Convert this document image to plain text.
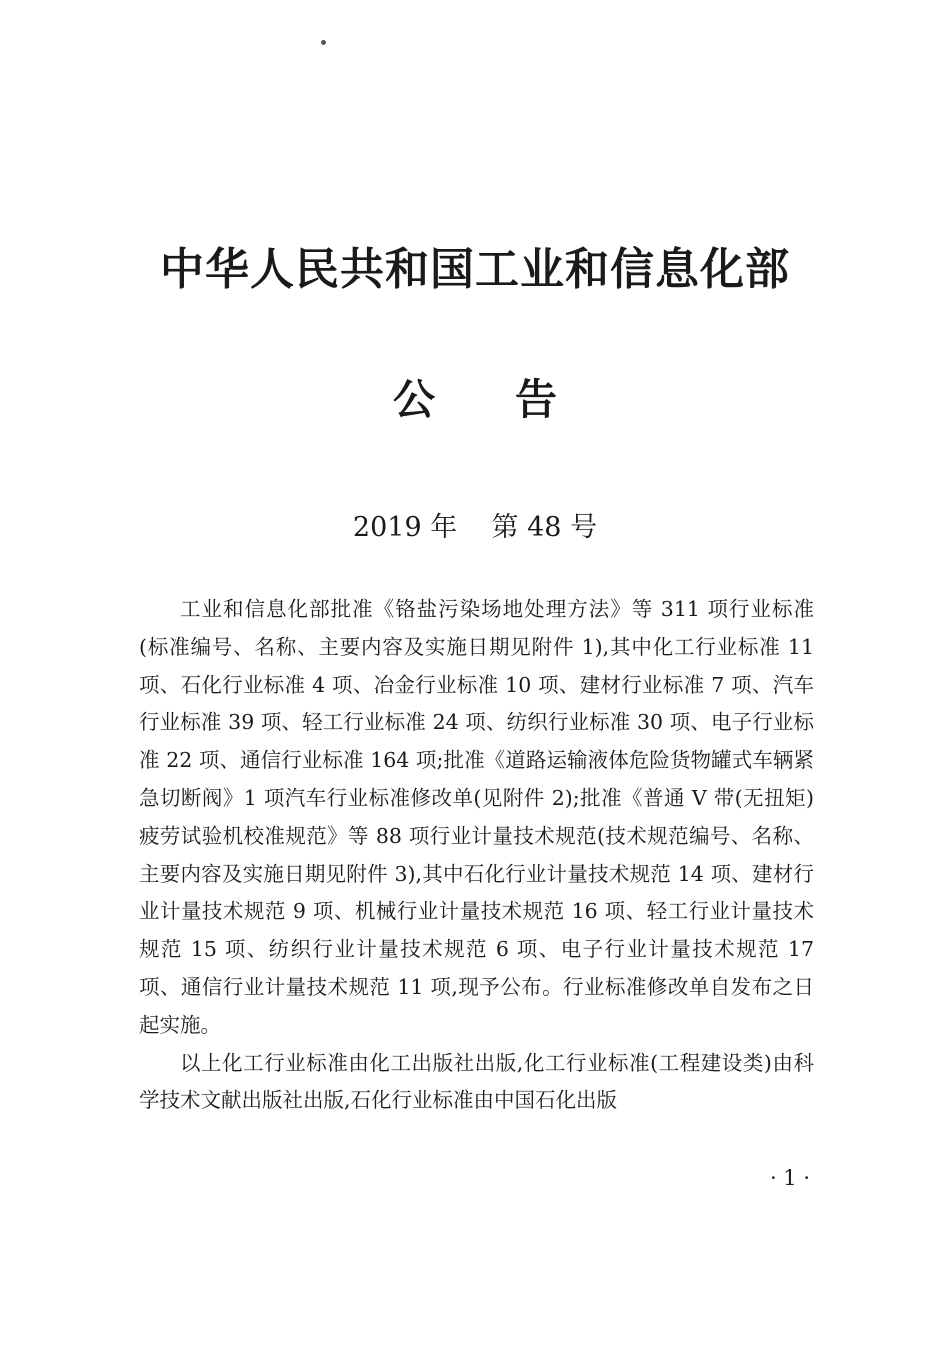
中华人民共和国工业和信息化部
公告
2019 年    第 48 号

工业和信息化部批准《铬盐污染场地处理方法》等 311 项行业标准(标准编号、名称、主要内容及实施日期见附件 1),其中化工行业标准 11 项、石化行业标准 4 项、冶金行业标准 10 项、建材行业标准 7 项、汽车行业标准 39 项、轻工行业标准 24 项、纺织行业标准 30 项、电子行业标准 22 项、通信行业标准 164 项;批准《道路运输液体危险货物罐式车辆紧急切断阀》1 项汽车行业标准修改单(见附件 2);批准《普通 V 带(无扭矩)疲劳试验机校准规范》等 88 项行业计量技术规范(技术规范编号、名称、主要内容及实施日期见附件 3),其中石化行业计量技术规范 14 项、建材行业计量技术规范 9 项、机械行业计量技术规范 16 项、轻工行业计量技术规范 15 项、纺织行业计量技术规范 6 项、电子行业计量技术规范 17 项、通信行业计量技术规范 11 项,现予公布。行业标准修改单自发布之日起实施。

以上化工行业标准由化工出版社出版,化工行业标准(工程建设类)由科学技术文献出版社出版,石化行业标准由中国石化出版

· 1 ·
